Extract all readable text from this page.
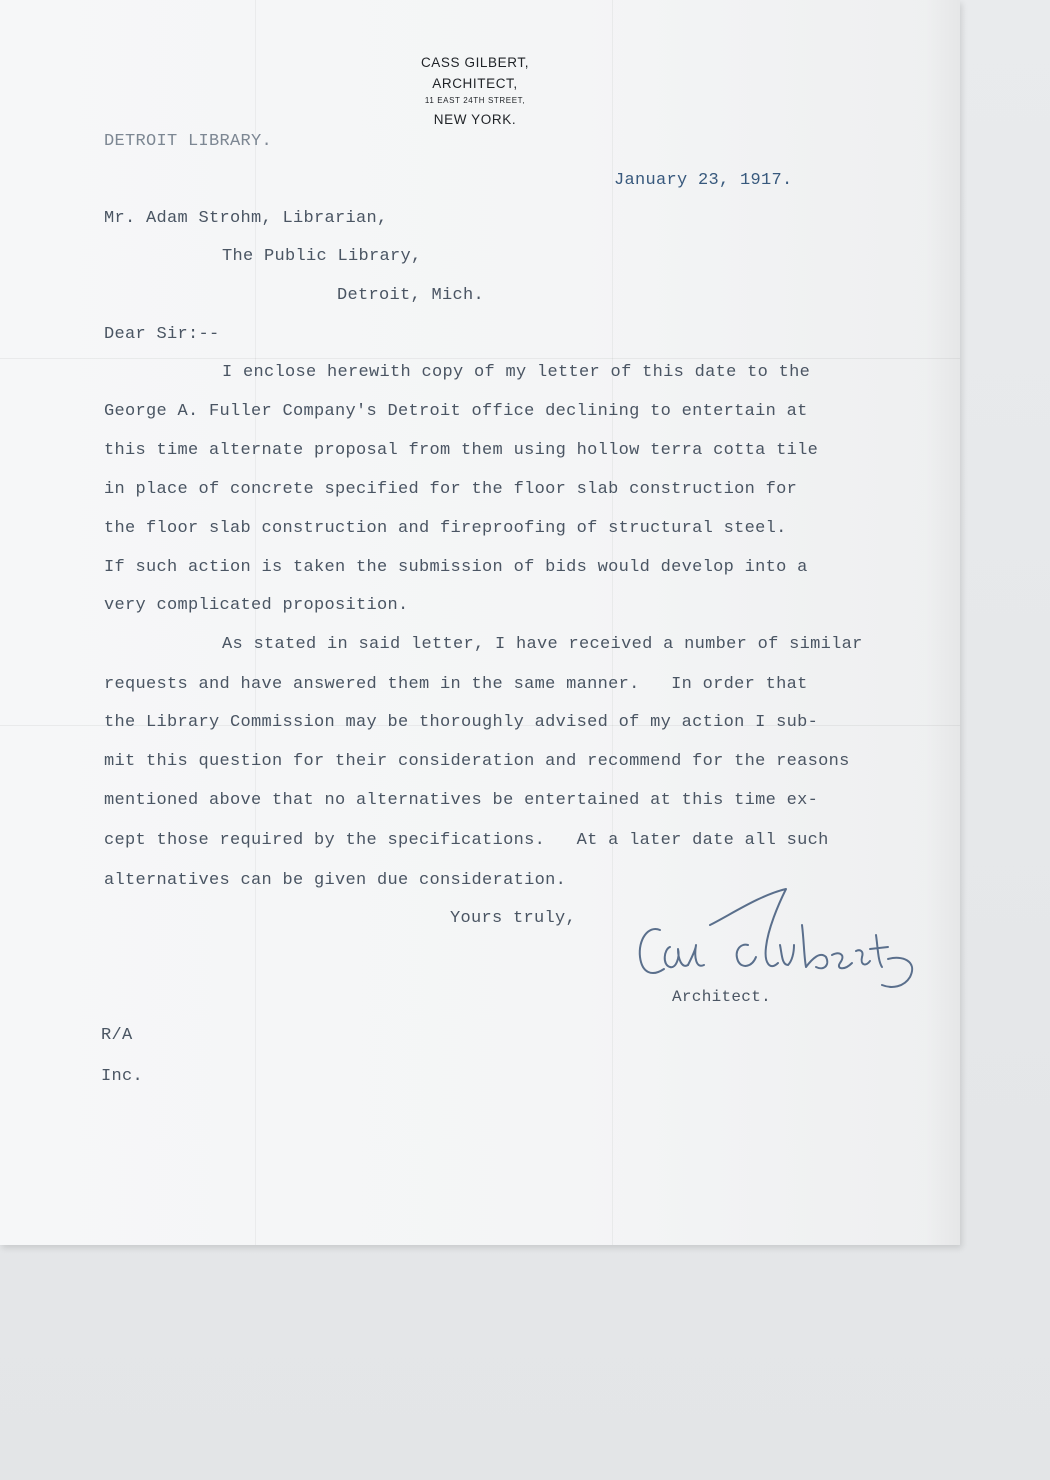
CASS GILBERT,
ARCHITECT,
11 EAST 24TH STREET,
NEW YORK.
DETROIT LIBRARY.
January 23, 1917.
Mr. Adam Strohm, Librarian,
The Public Library,
Detroit, Mich.
Dear Sir:--
I enclose herewith copy of my letter of this date to the
George A. Fuller Company's Detroit office declining to entertain at
this time alternate proposal from them using hollow terra cotta tile
in place of concrete specified for the floor slab construction for
the floor slab construction and fireproofing of structural steel.
If such action is taken the submission of bids would develop into a
very complicated proposition.
As stated in said letter, I have received a number of similar
requests and have answered them in the same manner.   In order that
the Library Commission may be thoroughly advised of my action I sub-
mit this question for their consideration and recommend for the reasons
mentioned above that no alternatives be entertained at this time ex-
cept those required by the specifications.   At a later date all such
alternatives can be given due consideration.
Yours truly,
Architect.
R/A
Inc.
